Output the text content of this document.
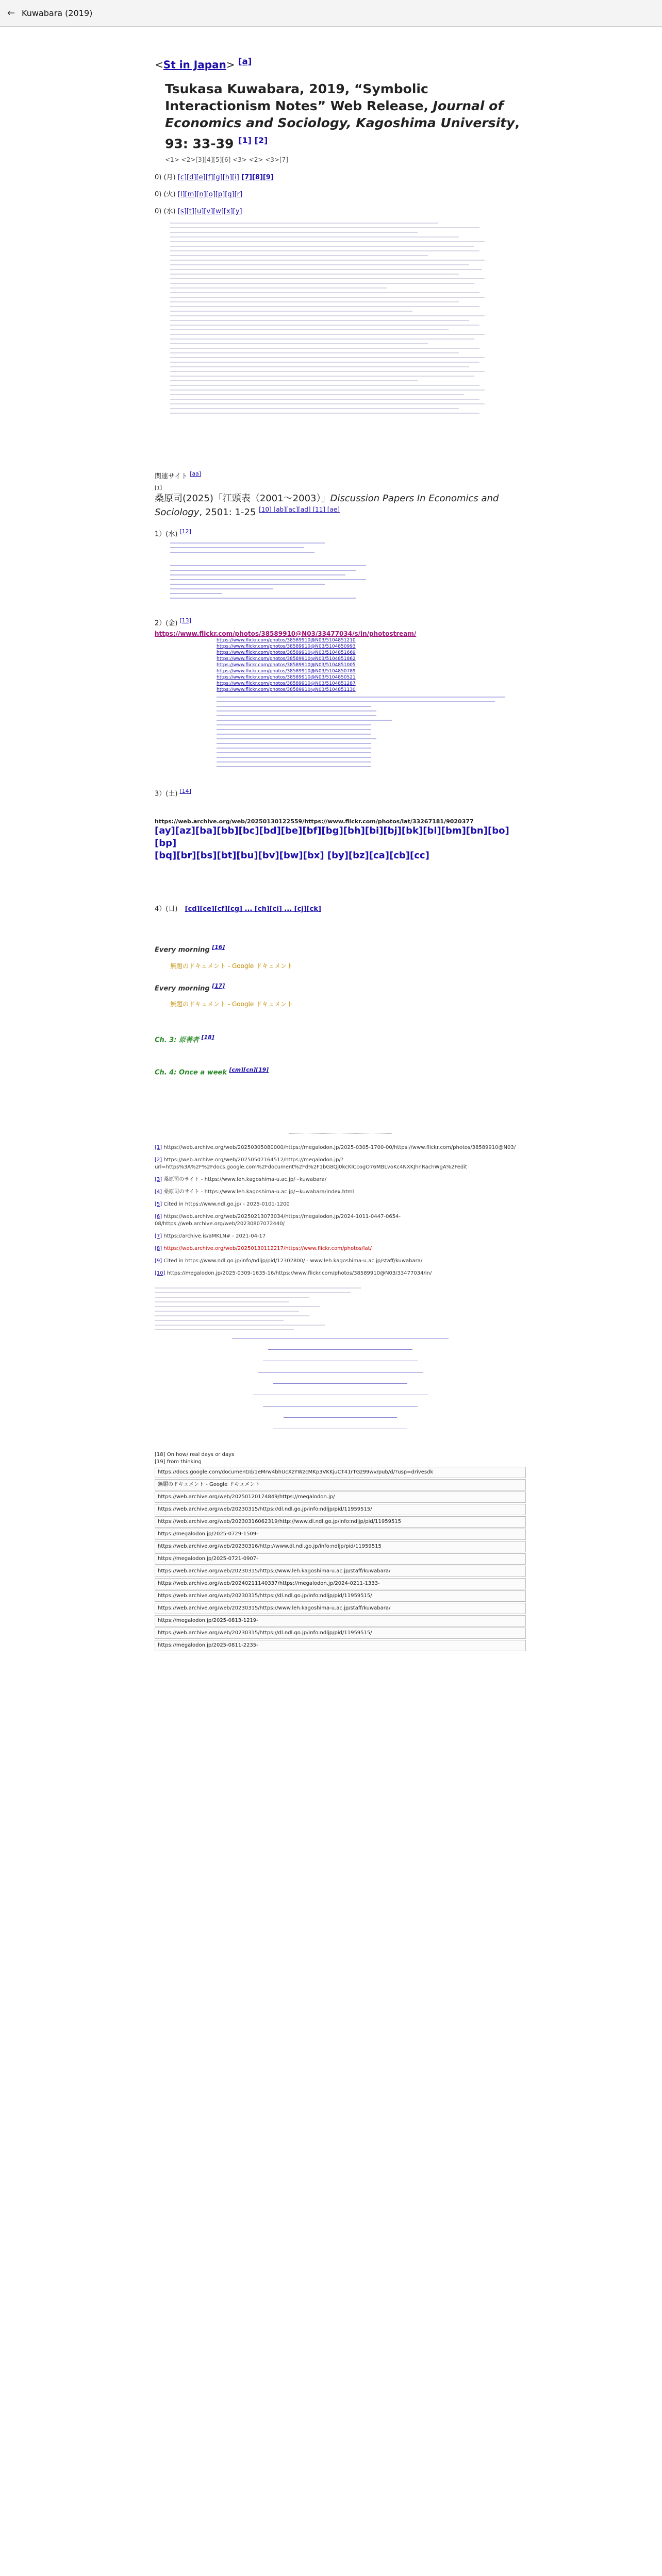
← Kuwabara (2019)
<St in Japan> [a]
Tsukasa Kuwabara, 2019, “Symbolic
Interactionism Notes” Web Release, Journal of Economics and Sociology, Kagoshima University, 93: 33-39 [1] [2]
<1> <2>[3][4][5][6] <3> <2> <3>[7]
0) (月) [c][d][e][f][g][h][i] [7][8][9]
0) (火) [l][m][n][o][p][q][r]
0) (水) [s][t][u][v][w][x][y]
関連サイト [aa]
[1]
桑原司(2025)「江頭表（2001〜2003）」Discussion Papers In Economics and Sociology, 2501: 1-25 [10] [ab][ac][ad] [11] [ae]
1）(水) [12]
2）(金) [13]
https://www.flickr.com/photos/38589910@N03/33477034/s/in/photostream/
https://www.flickr.com/photos/38589910@N03/5104851210
https://www.flickr.com/photos/38589910@N03/5104850993
https://www.flickr.com/photos/38589910@N03/5104851669
https://www.flickr.com/photos/38589910@N03/5104851862
https://www.flickr.com/photos/38589910@N03/5104851005
https://www.flickr.com/photos/38589910@N03/5104850789
https://www.flickr.com/photos/38589910@N03/5104850521
https://www.flickr.com/photos/38589910@N03/5104851287
https://www.flickr.com/photos/38589910@N03/5104851130
3）(土) [14]
https://web.archive.org/web/20250130122559/https://www.flickr.com/photos/lat/33267181/9020377
[ay][az][ba][bb][bc][bd][be][bf][bg][bh][bi][bj][bk][bl][bm][bn][bo][bp]
[bq][br][bs][bt][bu][bv][bw][bx] [by][bz][ca][cb][cc]
4）(日) [cd][ce][cf][cg] ... [ch][ci] ... [cj][ck]
Every morning [16]
無題のドキュメント - Google ドキュメント
Every morning [17]
無題のドキュメント - Google ドキュメント
Ch. 3: 原著者 [18]
Ch. 4: Once a week [cm][cn][19]
[1] https://web.archive.org/web/20250305080000/https://megalodon.jp/2025-0305-1700-00/https://www.flickr.com/photos/38589910@N03/
[2] https://web.archive.org/web/20250507164512/https://megalodon.jp/?url=https%3A%2F%2Fdocs.google.com%2Fdocument%2Fd%2F1bG8Qj0kcKICcogO76MBLvoKc4NXKJhnRachWgA%2Fedit
[3] 桑原司のサイト - https://www.leh.kagoshima-u.ac.jp/~kuwabara/
[4] 桑原司のサイト - https://www.leh.kagoshima-u.ac.jp/~kuwabara/index.html
[5] Cited in https://www.ndl.go.jp/ - 2025-0101-1200
[6] https://web.archive.org/web/20250213073034/https://megalodon.jp/2024-1011-0447-0654-08/https://web.archive.org/web/20230807072440/
[7] https://archive.is/aMKLN# - 2021-04-17
[8] https://web.archive.org/web/20250130112217/https://www.flickr.com/photos/lat/
[9] Cited in https://www.ndl.go.jp/info/ndljp/pid/12302800/ - www.leh.kagoshima-u.ac.jp/staff/kuwabara/
[10] https://megalodon.jp/2025-0309-1635-16/https://www.flickr.com/photos/38589910@N03/33477034/in/
[18] On how/ real days or days
[19] from thinking
https://docs.google.com/document/d/1eMrw4bhUcXzYWzcMKp3VKKjuCT41rTGz99wv/pub/d/?usp=drivesdk
無題のドキュメント - Google ドキュメント
https://web.archive.org/web/20250120174849/https://megalodon.jp/
https://web.archive.org/web/20230315/https://dl.ndl.go.jp/info:ndljp/pid/11959515/
https://web.archive.org/web/20230316062319/http://www.dl.ndl.go.jp/info:ndljp/pid/11959515
https://megalodon.jp/2025-0729-1509-
https://web.archive.org/web/20230316/http://www.dl.ndl.go.jp/info:ndljp/pid/11959515
https://megalodon.jp/2025-0721-0907-
https://web.archive.org/web/20230315/https://www.leh.kagoshima-u.ac.jp/staff/kuwabara/
https://web.archive.org/web/20240211140337/https://megalodon.jp/2024-0211-1333-
https://web.archive.org/web/20230315/https://dl.ndl.go.jp/info:ndljp/pid/11959515/
https://web.archive.org/web/20230315/https://www.leh.kagoshima-u.ac.jp/staff/kuwabara/
https://megalodon.jp/2025-0813-1219-
https://web.archive.org/web/20230315/https://dl.ndl.go.jp/info:ndljp/pid/11959515/
https://megalodon.jp/2025-0811-2235-
